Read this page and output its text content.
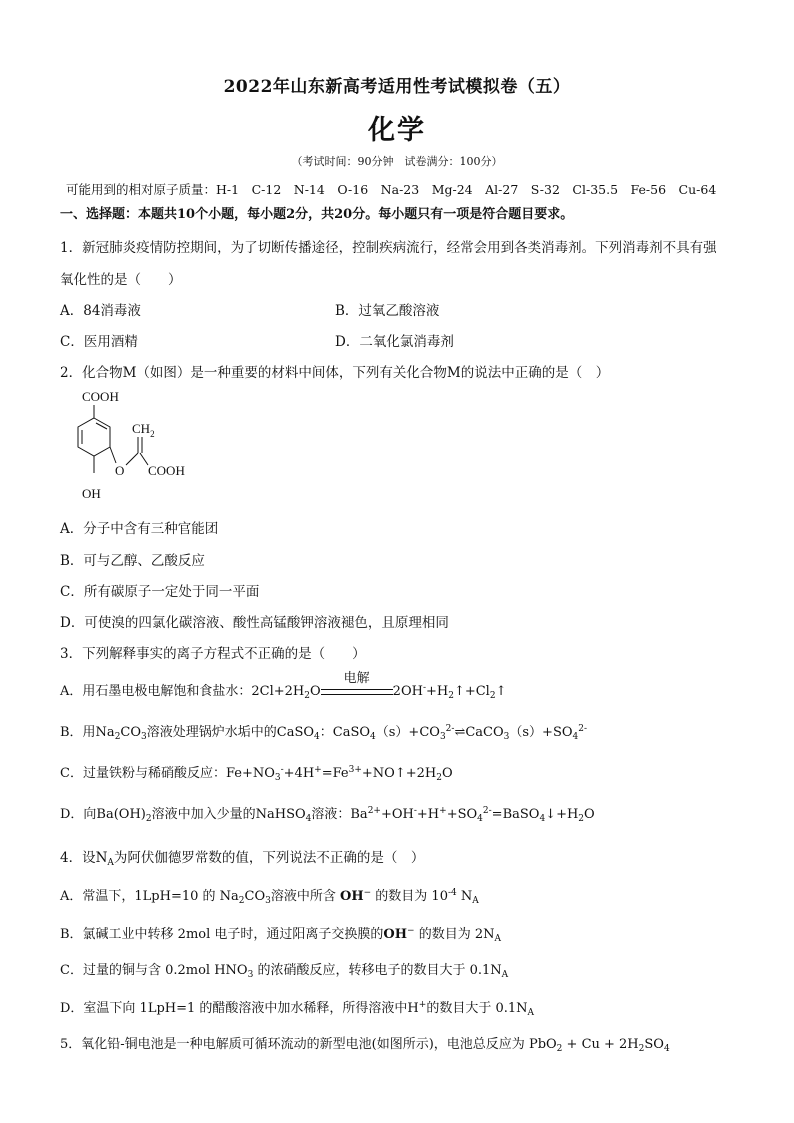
2022年山东新高考适用性考试模拟卷（五）
化学
（考试时间：90分钟　试卷满分：100分）
可能用到的相对原子质量：H-1　C-12　N-14　O-16　Na-23　Mg-24　Al-27　S-32　Cl-35.5　Fe-56　Cu-64
一、选择题：本题共10个小题，每小题2分，共20分。每小题只有一项是符合题目要求。
1．新冠肺炎疫情防控期间，为了切断传播途径，控制疾病流行，经常会用到各类消毒剂。下列消毒剂不具有强
氧化性的是（　　）
A．84消毒液	B．过氧乙酸溶液
C．医用酒精	D．二氧化氯消毒剂
2．化合物M（如图）是一种重要的材料中间体，下列有关化合物M的说法中正确的是（　）
COOH
OH
O
$CH_2$
COOH
A．分子中含有三种官能团
B．可与乙醇、乙酸反应
C．所有碳原子一定处于同一平面
D．可使溴的四氯化碳溶液、酸性高锰酸钾溶液褪色，且原理相同
3．下列解释事实的离子方程式不正确的是（　　）
A．用石墨电极电解饱和食盐水：$2Cl+2H_2O$
电解
$2OH^-+H_2↑+Cl_2↑$
B．用$Na_2CO_3$溶液处理锅炉水垢中的CaSO$_4$：$CaSO_4(s)+CO_3^{2-}\rightleftharpoons CaCO_3(s)+SO_4^{2-}$
C．过量铁粉与稀硝酸反应：$Fe+NO_3^-+4H^+=Fe^{3+}+NO↑+2H_2O$
D．向$Ba(OH)_2$溶液中加入少量的NaHSO$_4$溶液：$Ba^{2+}+OH^-+H^++SO_4^{2-}=BaSO_4↓+H_2O$
4．设$N_A$为阿伏伽德罗常数的值，下列说法不正确的是（　）
A．常温下，1LpH=10 的 $Na_2CO_3$溶液中所含 OH− 的数目为 $10^{-4}$ $N_A$
B．氯碱工业中转移 2mol 电子时，通过阳离子交换膜的OH− 的数目为 $2N_A$
C．过量的铜与含 0.2mol $HNO_3$ 的浓硝酸反应，转移电子的数目大于 $0.1N_A$
D．室温下向 1LpH=1 的醋酸溶液中加水稀释，所得溶液中H+的数目大于 $0.1N_A$
5．氧化铅-铜电池是一种电解质可循环流动的新型电池(如图所示)，电池总反应为 $PbO_2 + Cu + 2H_2SO_4$
